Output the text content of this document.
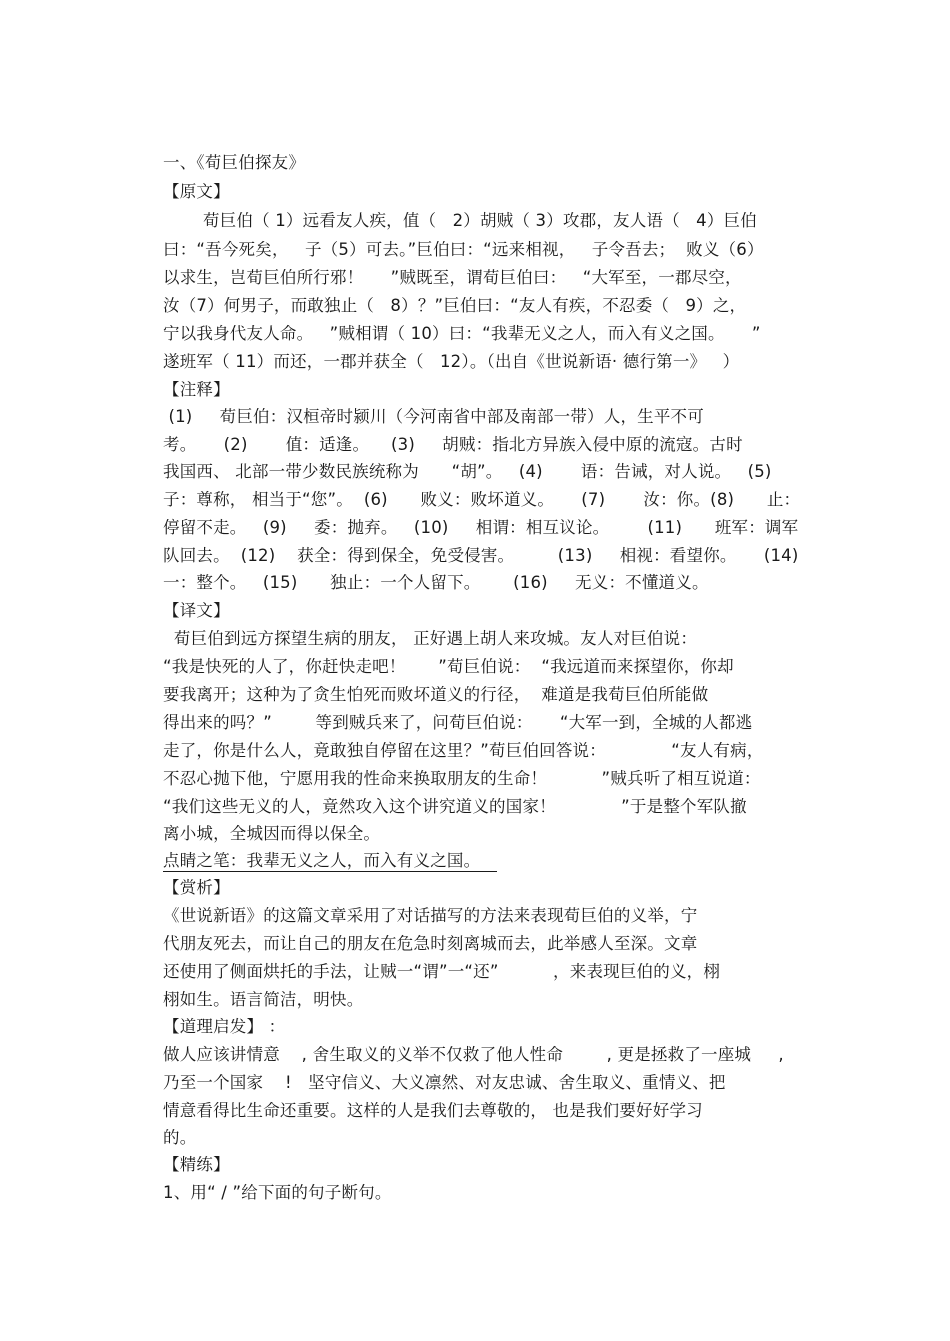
一、《荀巨伯探友》
【原文】
荀巨伯（ 1）远看友人疾，值（   2）胡贼（ 3）攻郡，友人语（   4）巨伯
曰：“吾今死矣，   子（5）可去。”巨伯曰：“远来相视，   子令吾去；  败义（6）
以求生，岂荀巨伯所行邪！     ”贼既至，谓荀巨伯曰：   “大军至，一郡尽空，
汝（7）何男子，而敢独止（   8）？”巨伯曰：“友人有疾，不忍委（   9）之，
宁以我身代友人命。   ”贼相谓（ 10）曰：“我辈无义之人，而入有义之国。     ”
遂班军（ 11）而还，一郡并获全（   12）。（出自《世说新语· 德行第一》   ）
【注释】
(1)     荀巨伯：汉桓帝时颍川（今河南省中部及南部一带）人，生平不可
考。     (2)       值：适逢。    (3)     胡贼：指北方异族入侵中原的流寇。古时
我国西、 北部一带少数民族统称为      “胡”。   (4)       语：告诫，对人说。   (5)
子：尊称， 相当于“您”。  (6)      败义：败坏道义。     (7)       汝：你。(8)      止：
停留不走。   (9)     委：抛弃。   (10)     相谓：相互议论。       (11)      班军：调军
队回去。  (12)    获全：得到保全，免受侵害。        (13)     相视：看望你。     (14)
一：整个。   (15)      独止：一个人留下。      (16)     无义：不懂道义。
【译文】
荀巨伯到远方探望生病的朋友， 正好遇上胡人来攻城。友人对巨伯说：
“我是快死的人了，你赶快走吧！      ”荀巨伯说：  “我远道而来探望你，你却
要我离开；这种为了贪生怕死而败坏道义的行径，  难道是我荀巨伯所能做
得出来的吗？”        等到贼兵来了，问荀巨伯说：     “大军一到，全城的人都逃
走了，你是什么人，竟敢独自停留在这里？”荀巨伯回答说：            “友人有病，
不忍心抛下他，宁愿用我的性命来换取朋友的生命！          ”贼兵听了相互说道：
“我们这些无义的人，竟然攻入这个讲究道义的国家！            ”于是整个军队撤
离小城，全城因而得以保全。
点睛之笔：我辈无义之人，而入有义之国。
【赏析】
《世说新语》的这篇文章采用了对话描写的方法来表现荀巨伯的义举，宁
代朋友死去，而让自己的朋友在危急时刻离城而去，此举感人至深。文章
还使用了侧面烘托的手法，让贼一“谓”一“还”          ，来表现巨伯的义，栩
栩如生。语言简洁，明快。
【道理启发】 ：
做人应该讲情意    , 舍生取义的义举不仅救了他人性命        , 更是拯救了一座城     ,
乃至一个国家    !   坚守信义、大义凛然、对友忠诚、舍生取义、重情义、把
情意看得比生命还重要。这样的人是我们去尊敬的， 也是我们要好好学习
的。
【精练】
1、用“ / ”给下面的句子断句。
